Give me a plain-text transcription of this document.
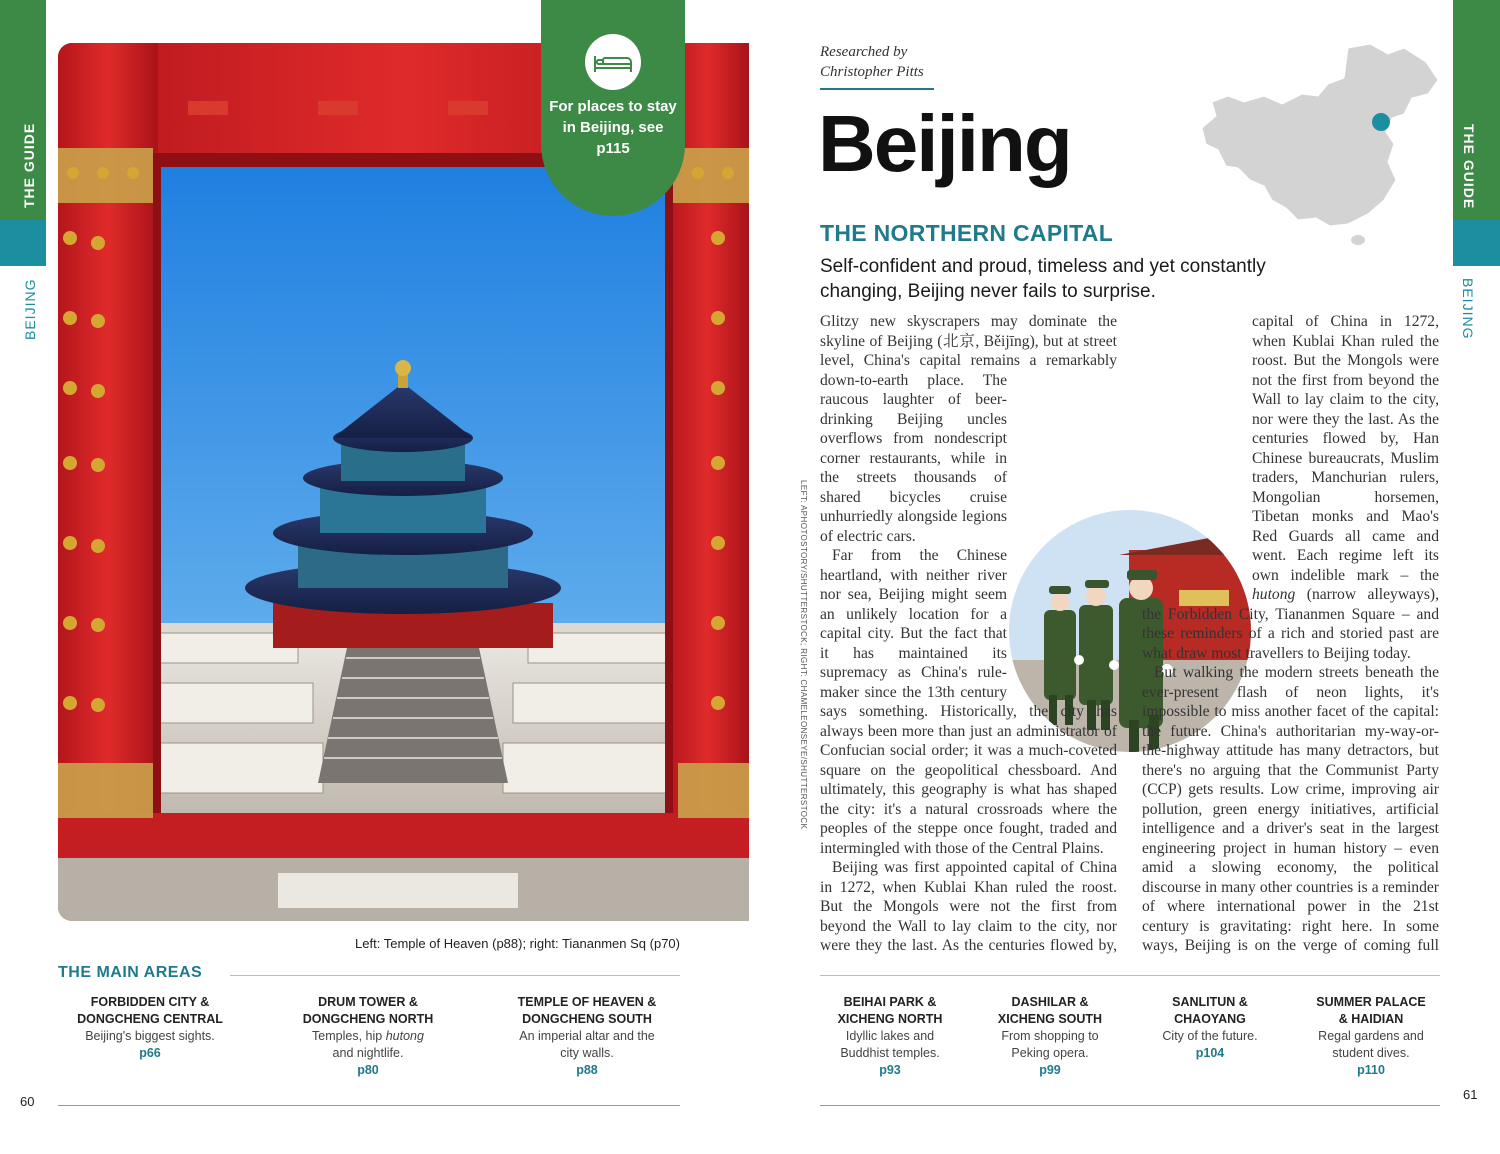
THE GUIDE
BEIJING
THE GUIDE
BEIJING
For places to stay in Beijing, see p115
Left: Temple of Heaven (p88); right: Tiananmen Sq (p70)
THE MAIN AREAS
FORBIDDEN CITY &
DONGCHENG CENTRAL
Beijing's biggest sights.
p66
DRUM TOWER &
DONGCHENG NORTH
Temples, hip hutong
and nightlife.
p80
TEMPLE OF HEAVEN &
DONGCHENG SOUTH
An imperial altar and the
city walls.
p88
60
Researched by
Christopher Pitts
Beijing
THE NORTHERN CAPITAL
Self-confident and proud, timeless and yet constantly changing, Beijing never fails to surprise.
LEFT: APHOTOSTORY/SHUTTERSTOCK; RIGHT: CHAMELEONSEYE/SHUTTERSTOCK

Glitzy new skyscrapers may dominate the skyline of Beijing (北京, Běijīng), but at street level, China's capital remains a remarkably down-to-earth place. The raucous laughter of beer-drinking Beijing uncles overflows from nondescript corner restaurants, while in the streets thousands of shared bicycles cruise unhurriedly alongside legions of electric cars.

Far from the Chinese heartland, with neither river nor sea, Beijing might seem an unlikely location for a capital city. But the fact that it has maintained its supremacy as China's rule-maker since the 13th century says something. Historically, the city has always been more than just an administrator of Confucian social order; it was a much-coveted square on the geopolitical chessboard. And ultimately, this geography is what has shaped the city: it's a natural crossroads where the peoples of the steppe once fought, traded and intermingled with those of the Central Plains.

Beijing was first appointed capital of China in 1272, when Kublai Khan ruled the roost. But the Mongols were not the first from beyond the Wall to lay claim to the city, nor were they the last. As the centuries flowed by,

capital of China in 1272, when Kublai Khan ruled the roost. But the Mongols were not the first from beyond the Wall to lay claim to the city, nor were they the last. As the centuries flowed by, Han Chinese bureaucrats, Muslim traders, Manchurian rulers, Mongolian horsemen, Tibetan monks and Mao's Red Guards all came and went. Each regime left its own indelible mark – the hutong (narrow alleyways), the Forbidden City, Tiananmen Square – and these reminders of a rich and storied past are what draw most travellers to Beijing today.

But walking the modern streets beneath the ever-present flash of neon lights, it's impossible to miss another facet of the capital: the future. China's authoritarian my-way-or-the-highway attitude has many detractors, but there's no arguing that the Communist Party (CCP) gets results. Low crime, improving air pollution, green energy initiatives, artificial intelligence and a driver's seat in the largest engineering project in human history – even amid a slowing economy, the political discourse in many other countries is a reminder of where international power in the 21st century is gravitating: right here. In some ways, Beijing is on the verge of coming full

BEIHAI PARK &
XICHENG NORTH
Idyllic lakes and
Buddhist temples.
p93
DASHILAR &
XICHENG SOUTH
From shopping to
Peking opera.
p99
SANLITUN &
CHAOYANG
City of the future.
p104
SUMMER PALACE
& HAIDIAN
Regal gardens and
student dives.
p110
61
